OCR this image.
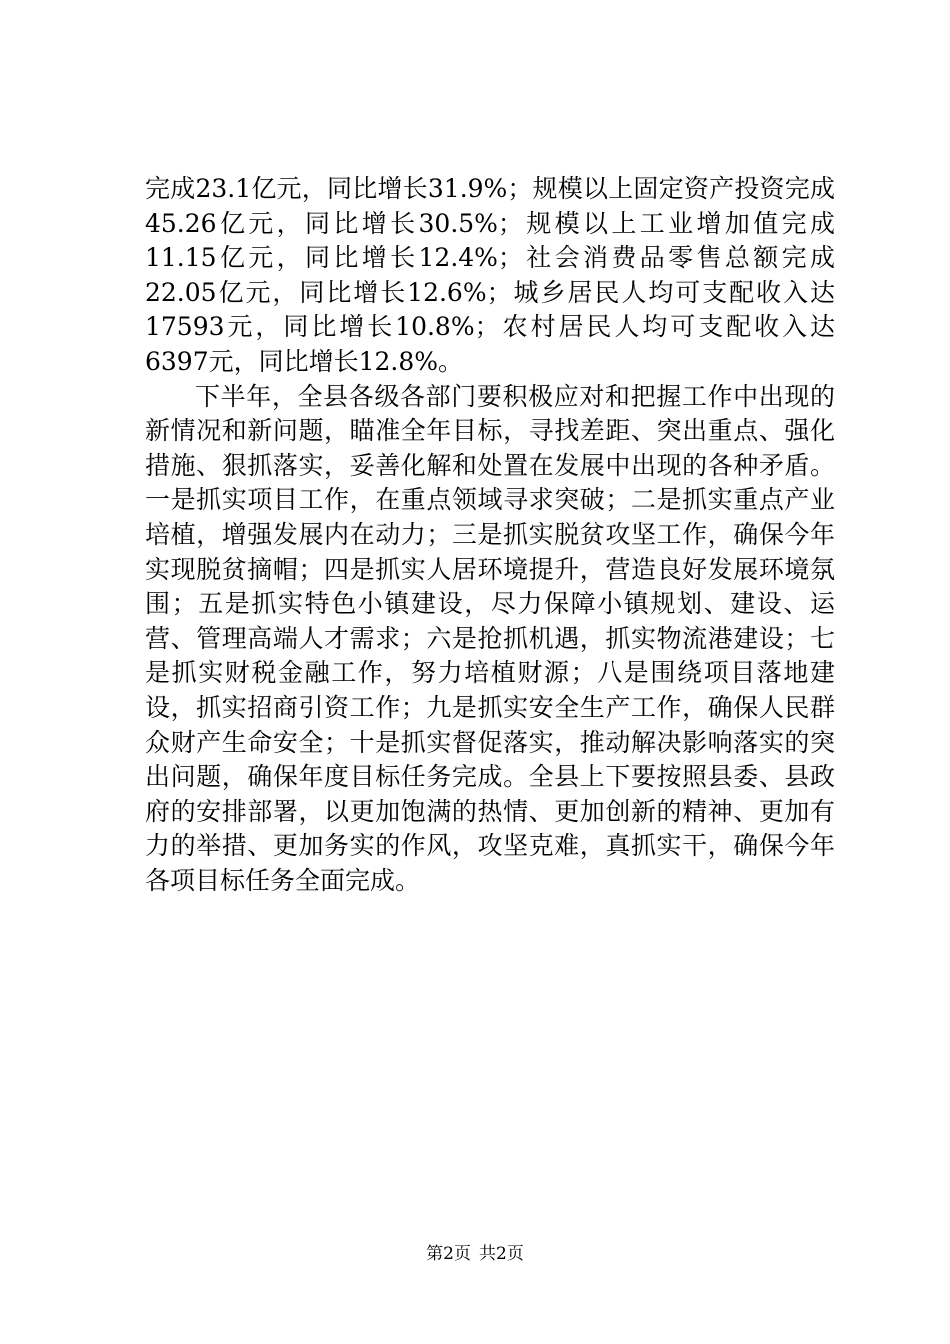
完成23.1亿元，同比增长31.9%；规模以上固定资产投资完成45.26亿元，同比增长30.5%；规模以上工业增加值完成11.15亿元，同比增长12.4%；社会消费品零售总额完成22.05亿元，同比增长12.6%；城乡居民人均可支配收入达17593元，同比增长10.8%；农村居民人均可支配收入达6397元，同比增长12.8%。

下半年，全县各级各部门要积极应对和把握工作中出现的新情况和新问题，瞄准全年目标，寻找差距、突出重点、强化措施、狠抓落实，妥善化解和处置在发展中出现的各种矛盾。一是抓实项目工作，在重点领域寻求突破；二是抓实重点产业培植，增强发展内在动力；三是抓实脱贫攻坚工作，确保今年实现脱贫摘帽；四是抓实人居环境提升，营造良好发展环境氛围；五是抓实特色小镇建设，尽力保障小镇规划、建设、运营、管理高端人才需求；六是抢抓机遇，抓实物流港建设；七是抓实财税金融工作，努力培植财源；八是围绕项目落地建设，抓实招商引资工作；九是抓实安全生产工作，确保人民群众财产生命安全；十是抓实督促落实，推动解决影响落实的突出问题，确保年度目标任务完成。全县上下要按照县委、县政府的安排部署，以更加饱满的热情、更加创新的精神、更加有力的举措、更加务实的作风，攻坚克难，真抓实干，确保今年各项目标任务全面完成。

第2页 共2页
